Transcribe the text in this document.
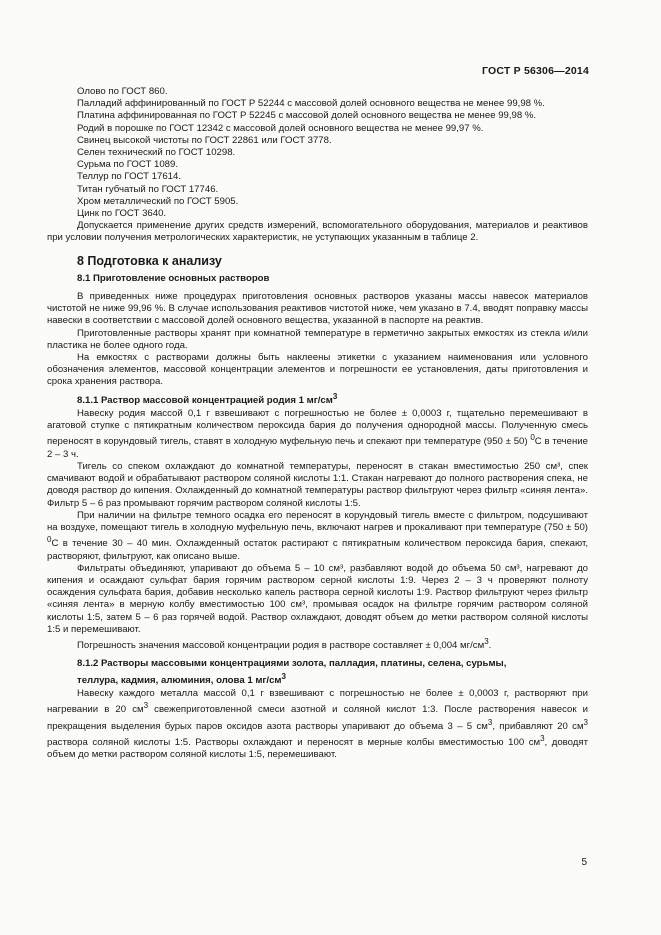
ГОСТ Р 56306—2014

Олово по ГОСТ 860.

Палладий аффинированный по ГОСТ Р 52244 с массовой долей основного вещества не менее 99,98 %.

Платина аффинированная по ГОСТ Р 52245 с массовой долей основного вещества не менее 99,98 %.

Родий в порошке по ГОСТ 12342 с массовой долей основного вещества не менее 99,97 %.

Свинец высокой чистоты по ГОСТ 22861 или ГОСТ 3778.

Селен технический по ГОСТ 10298.

Сурьма по ГОСТ 1089.

Теллур по ГОСТ 17614.

Титан губчатый по ГОСТ 17746.

Хром металлический по ГОСТ 5905.

Цинк по ГОСТ 3640.

Допускается применение других средств измерений, вспомогательного оборудования, материалов и реактивов при условии получения метрологических характеристик, не уступающих указанным в таблице 2.

8 Подготовка к анализу
8.1 Приготовление основных растворов

В приведенных ниже процедурах приготовления основных растворов указаны массы навесок материалов чистотой не ниже 99,96 %. В случае использования реактивов чистотой ниже, чем указано в 7.4, вводят поправку массы навески в соответствии с массовой долей основного вещества, указанной в паспорте на реактив.

Приготовленные растворы хранят при комнатной температуре в герметично закрытых емкостях из стекла и/или пластика не более одного года.

На емкостях с растворами должны быть наклеены этикетки с указанием наименования или условного обозначения элементов, массовой концентрации элементов и погрешности ее установления, даты приготовления и срока хранения раствора.

8.1.1 Раствор массовой концентрацией родия 1 $мг/см^3$

Навеску родия массой 0,1 г взвешивают с погрешностью не более ± 0,0003 г, тщательно перемешивают в агатовой ступке с пятикратным количеством пероксида бария до получения однородной массы. Полученную смесь переносят в корундовый тигель, ставят в холодную муфельную печь и спекают при температуре (950 ± 50) $^0$С в течение 2 – 3 ч.

Тигель со спеком охлаждают до комнатной температуры, переносят в стакан вместимостью 250 см³, спек смачивают водой и обрабатывают раствором соляной кислоты 1:1. Стакан нагревают до полного растворения спека, не доводя раствор до кипения. Охлажденный до комнатной температуры раствор фильтруют через фильтр «синяя лента». Фильтр 5 – 6 раз промывают горячим раствором соляной кислоты 1:5.

При наличии на фильтре темного осадка его переносят в корундовый тигель вместе с фильтром, подсушивают на воздухе, помещают тигель в холодную муфельную печь, включают нагрев и прокаливают при температуре (750 ± 50) $^0$С в течение 30 – 40 мин. Охлажденный остаток растирают с пятикратным количеством пероксида бария, спекают, растворяют, фильтруют, как описано выше.

Фильтраты объединяют, упаривают до объема 5 – 10 см³, разбавляют водой до объема 50 см³, нагревают до кипения и осаждают сульфат бария горячим раствором серной кислоты 1:9. Через 2 – 3 ч проверяют полноту осаждения сульфата бария, добавив несколько капель раствора серной кислоты 1:9. Раствор фильтруют через фильтр «синяя лента» в мерную колбу вместимостью 100 см³, промывая осадок на фильтре горячим раствором соляной кислоты 1:5, затем 5 – 6 раз горячей водой. Раствор охлаждают, доводят объем до метки раствором соляной кислоты 1:5 и перемешивают.

Погрешность значения массовой концентрации родия в растворе составляет ± 0,004 $мг/см^3$.

8.1.2 Растворы массовыми концентрациями золота, палладия, платины, селена, сурьмы,
теллура, кадмия, алюминия, олова 1 $мг/см^3$

Навеску каждого металла массой 0,1 г взвешивают с погрешностью не более ± 0,0003 г, растворяют при нагревании в 20 $см^3$ свежеприготовленной смеси азотной и соляной кислот 1:3. После растворения навесок и прекращения выделения бурых паров оксидов азота растворы упаривают до объема 3 – 5 $см^3$, прибавляют 20 $см^3$ раствора соляной кислоты 1:5. Растворы охлаждают и переносят в мерные колбы вместимостью 100 $см^3$, доводят объем до метки раствором соляной кислоты 1:5, перемешивают.

5
